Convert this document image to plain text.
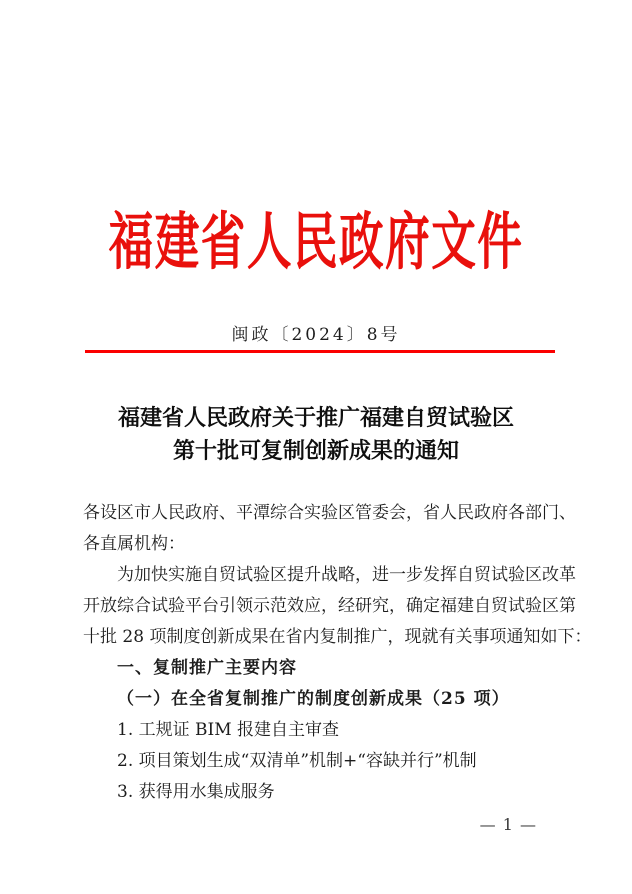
福建省人民政府文件
闽政〔2024〕8号
福建省人民政府关于推广福建自贸试验区
第十批可复制创新成果的通知
各设区市人民政府、平潭综合实验区管委会，省人民政府各部门、
各直属机构：
为加快实施自贸试验区提升战略，进一步发挥自贸试验区改革
开放综合试验平台引领示范效应，经研究，确定福建自贸试验区第
十批 28 项制度创新成果在省内复制推广，现就有关事项通知如下：
一、复制推广主要内容
（一）在全省复制推广的制度创新成果（25 项）
1. 工规证 BIM 报建自主审查
2. 项目策划生成“双清单”机制+“容缺并行”机制
3. 获得用水集成服务
— 1 —
